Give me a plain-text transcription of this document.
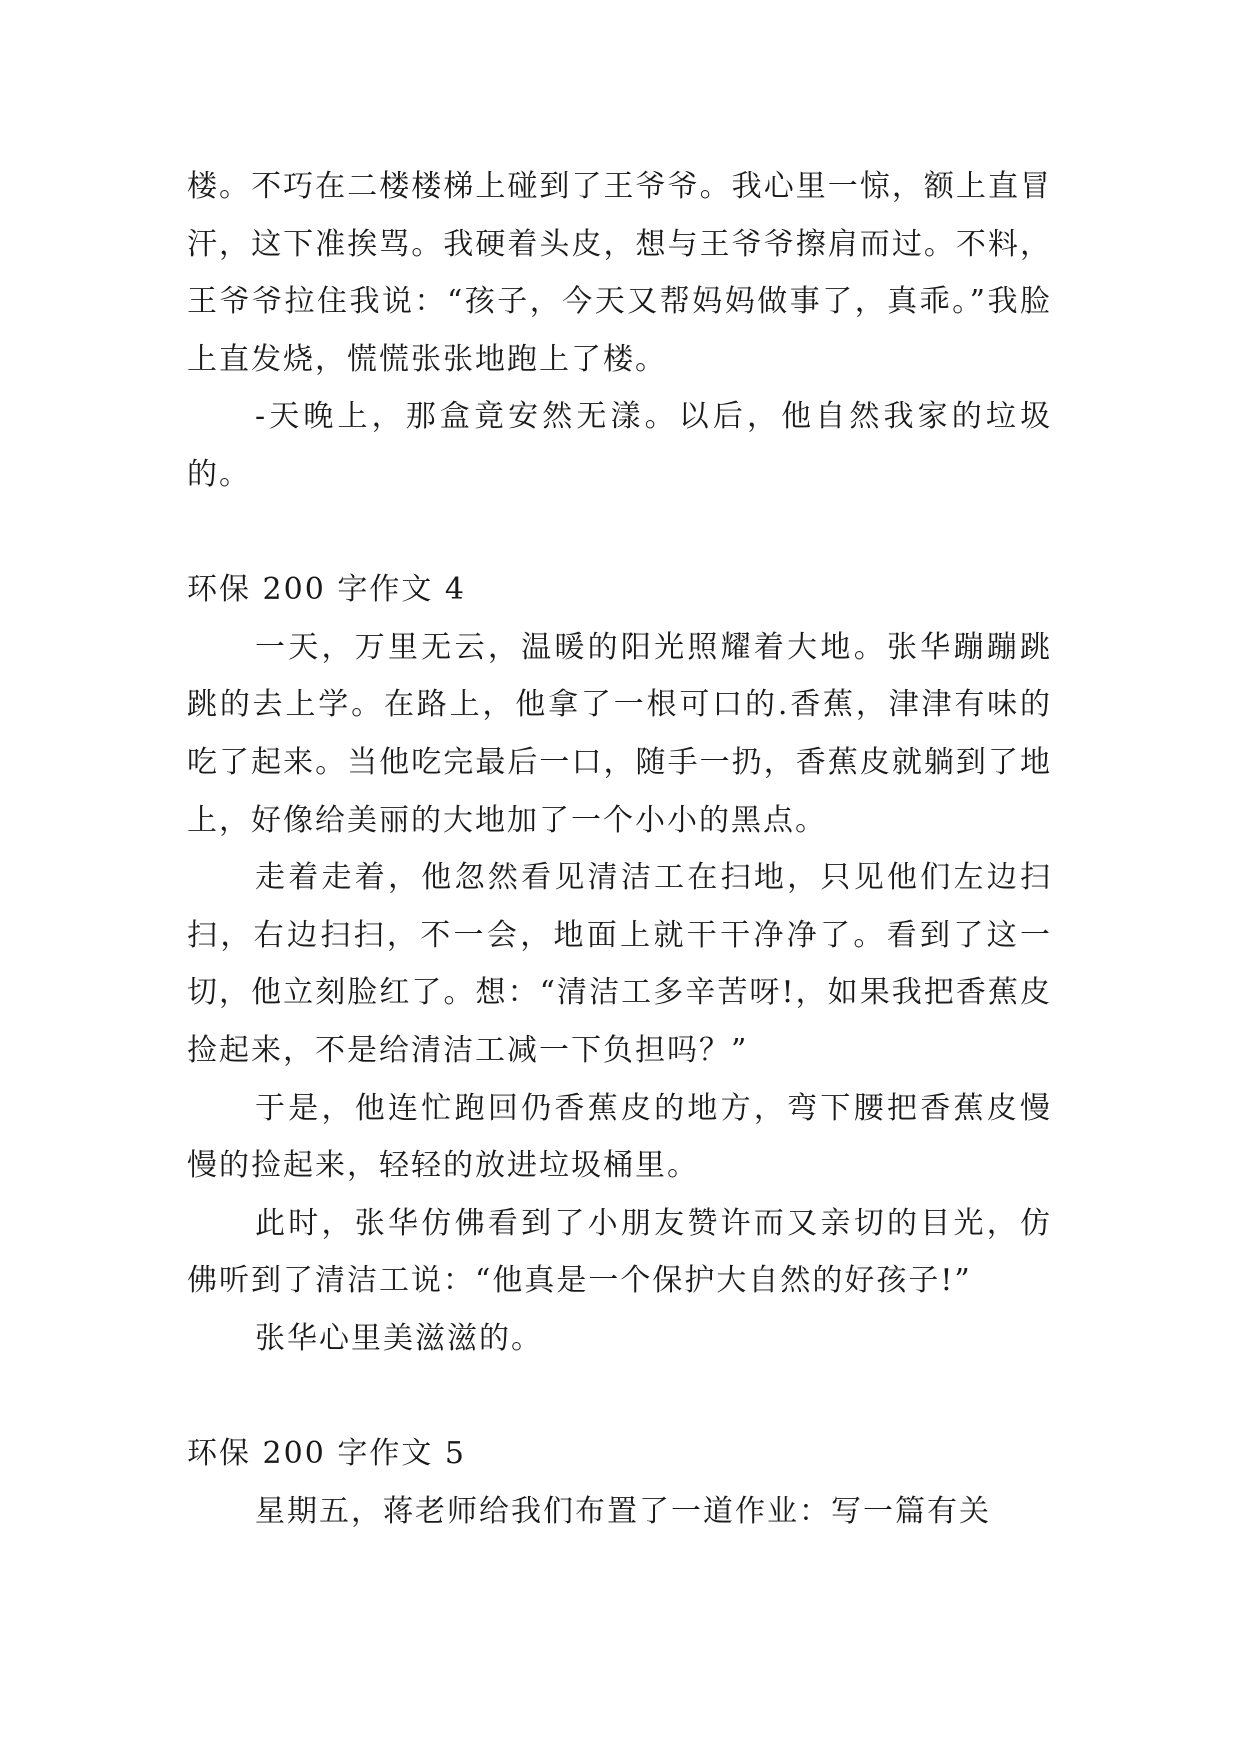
楼。不巧在二楼楼梯上碰到了王爷爷。我心里一惊，额上直冒汗，这下准挨骂。我硬着头皮，想与王爷爷擦肩而过。不料，王爷爷拉住我说：“孩子，今天又帮妈妈做事了，真乖。”我脸上直发烧，慌慌张张地跑上了楼。

-天晚上，那盒竟安然无漾。以后，他自然我家的垃圾的。

环保 200 字作文 4

一天，万里无云，温暖的阳光照耀着大地。张华蹦蹦跳跳的去上学。在路上，他拿了一根可口的.香蕉，津津有味的吃了起来。当他吃完最后一口，随手一扔，香蕉皮就躺到了地上，好像给美丽的大地加了一个小小的黑点。

走着走着，他忽然看见清洁工在扫地，只见他们左边扫扫，右边扫扫，不一会，地面上就干干净净了。看到了这一切，他立刻脸红了。想：“清洁工多辛苦呀!，如果我把香蕉皮捡起来，不是给清洁工减一下负担吗？”

于是，他连忙跑回仍香蕉皮的地方，弯下腰把香蕉皮慢慢的捡起来，轻轻的放进垃圾桶里。

此时，张华仿佛看到了小朋友赞许而又亲切的目光，仿佛听到了清洁工说：“他真是一个保护大自然的好孩子!”

张华心里美滋滋的。

环保 200 字作文 5

星期五，蒋老师给我们布置了一道作业：写一篇有关
